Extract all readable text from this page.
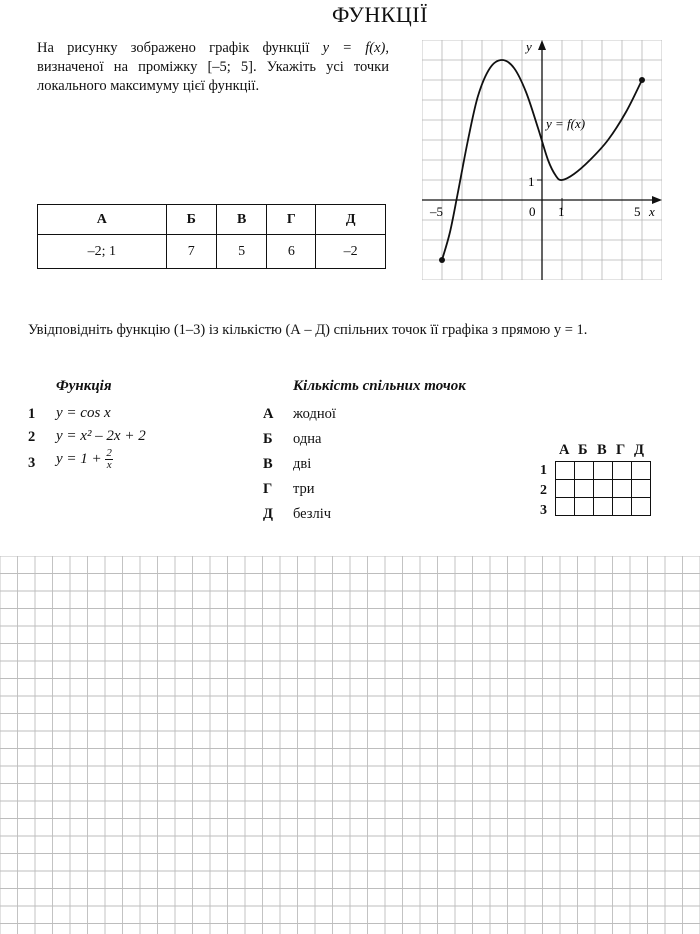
ФУНКЦІЇ
На рисунку зображено графік функції y = f(x), визначеної на проміжку [–5; 5]. Укажіть усі точки локального максимуму цієї функції.
А	Б	В	Г	Д
–2; 1	7	5	6	–2
y
x
y = f(x)
0
–5	1	5
1
Увідповідніть функцію (1–3) із кількістю (А – Д) спільних точок її графіка з прямою y = 1.
Функція	Кількість спільних точок
1 y = cos x
2 y = x² – 2x + 2
3 $y = 1 + \frac{2}{x}$
А жодної
Б одна
В дві
Г три
Д безліч
А Б В Г Д
1
2
3
